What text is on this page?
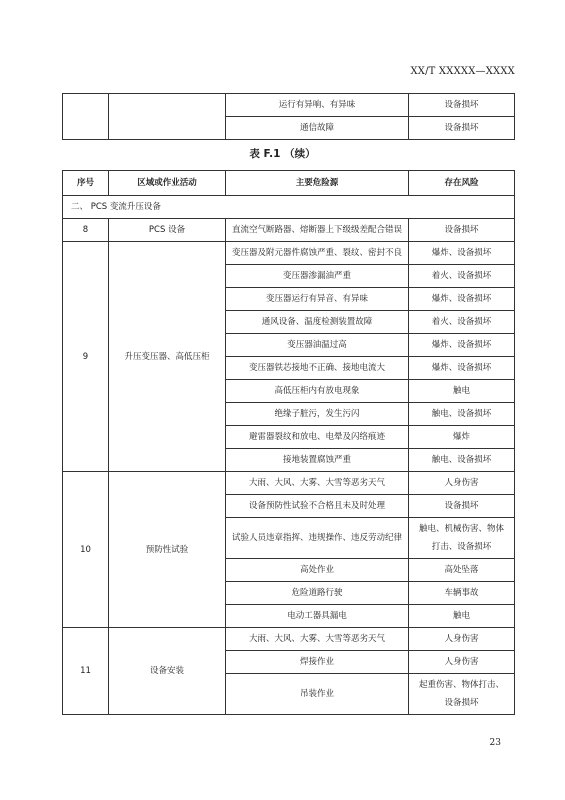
XX/T XXXXX—XXXX
		运行有异响、有异味	设备损坏
		通信故障	设备损坏
表 F.1 （续）
序号	区域或作业活动	主要危险源	存在风险
二、 PCS 变流升压设备			
8	PCS 设备	直流空气断路器、熔断器上下级级差配合错误	设备损坏
9	升压变压器、高低压柜	变压器及附元器件腐蚀严重、裂纹、密封不良	爆炸、设备损坏
		变压器渗漏油严重	着火、设备损坏
		变压器运行有异音、有异味	爆炸、设备损坏
		通风设备、温度检测装置故障	着火、设备损坏
		变压器油温过高	爆炸、设备损坏
		变压器铁芯接地不正确、接地电流大	爆炸、设备损坏
		高低压柜内有放电现象	触电
		绝缘子脏污，发生污闪	触电、设备损坏
		避雷器裂纹和放电、电晕及闪络痕迹	爆炸
		接地装置腐蚀严重	触电、设备损坏
10	预防性试验	大雨、大风、大雾、大雪等恶劣天气	人身伤害
		设备预防性试验不合格且未及时处理	设备损坏
		试验人员违章指挥、违规操作、违反劳动纪律	触电、机械伤害、物体打击、设备损坏
		高处作业	高处坠落
		危险道路行驶	车辆事故
		电动工器具漏电	触电
11	设备安装	大雨、大风、大雾、大雪等恶劣天气	人身伤害
		焊接作业	人身伤害
		吊装作业	起重伤害、物体打击、设备损坏
23
